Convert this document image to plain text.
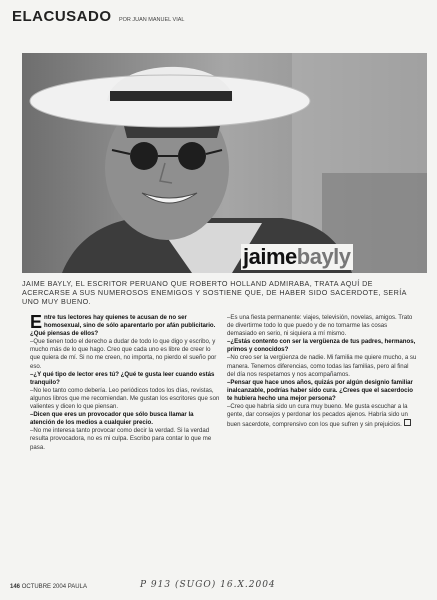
ELACUSADO POR JUAN MANUEL VIAL
jaimebayly
JAIME BAYLY, EL ESCRITOR PERUANO QUE ROBERTO HOLLAND ADMIRABA, TRATA AQUÍ DE ACERCARSE A SUS NUMEROSOS ENEMIGOS Y SOSTIENE QUE, DE HABER SIDO SACERDOTE, SERÍA UNO MUY BUENO.

Entre tus lectores hay quienes te acusan de no ser homosexual, sino de sólo aparentarlo por afán publicitario. ¿Qué piensas de ellos?

–Que tienen todo el derecho a dudar de todo lo que digo y escribo, y mucho más de lo que hago. Creo que cada uno es libre de creer lo que quiera de mí. Si no me creen, no importa, no pierdo el sueño por eso.

–¿Y qué tipo de lector eres tú? ¿Qué te gusta leer cuando estás tranquilo?

–No leo tanto como debería. Leo periódicos todos los días, revistas, algunos libros que me recomiendan. Me gustan los escritores que son valientes y dicen lo que piensan.

–Dicen que eres un provocador que sólo busca llamar la atención de los medios a cualquier precio.

–No me interesa tanto provocar como decir la verdad. Si la verdad resulta provocadora, no es mi culpa. Escribo para contar lo que me pasa.

–Es una fiesta permanente: viajes, televisión, novelas, amigos. Trato de divertirme todo lo que puedo y de no tomarme las cosas demasiado en serio, ni siquiera a mí mismo.

–¿Estás contento con ser la vergüenza de tus padres, hermanos, primos y conocidos?

–No creo ser la vergüenza de nadie. Mi familia me quiere mucho, a su manera. Tenemos diferencias, como todas las familias, pero al final del día nos respetamos y nos acompañamos.

–Pensar que hace unos años, quizás por algún designio familiar inalcanzable, podrías haber sido cura. ¿Crees que el sacerdocio te hubiera hecho una mejor persona?

–Creo que habría sido un cura muy bueno. Me gusta escuchar a la gente, dar consejos y perdonar los pecados ajenos. Habría sido un buen sacerdote, comprensivo con los que sufren y sin prejuicios.

146 OCTUBRE 2004 PAULA	P 913 (SUGO) 16.X.2004
